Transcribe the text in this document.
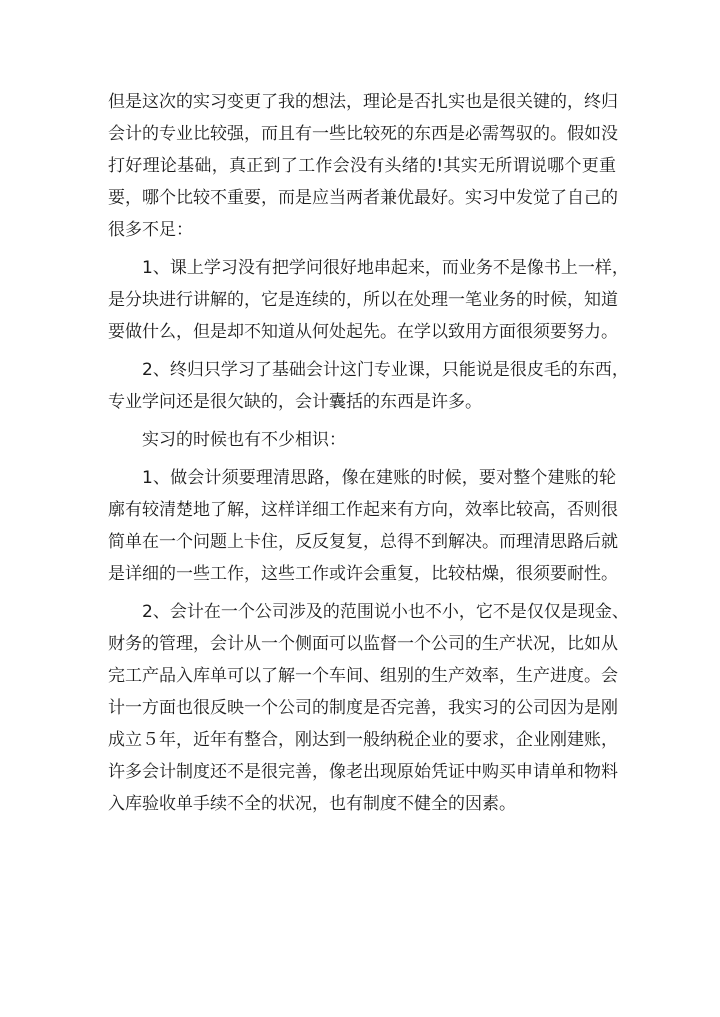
但是这次的实习变更了我的想法，理论是否扎实也是很关键的，终归
会计的专业比较强，而且有一些比较死的东西是必需驾驭的。假如没
打好理论基础，真正到了工作会没有头绪的!其实无所谓说哪个更重
要，哪个比较不重要，而是应当两者兼优最好。实习中发觉了自己的
很多不足：
1、课上学习没有把学问很好地串起来，而业务不是像书上一样，
是分块进行讲解的，它是连续的，所以在处理一笔业务的时候，知道
要做什么，但是却不知道从何处起先。在学以致用方面很须要努力。
2、终归只学习了基础会计这门专业课，只能说是很皮毛的东西，
专业学问还是很欠缺的，会计囊括的东西是许多。
实习的时候也有不少相识：
1、做会计须要理清思路，像在建账的时候，要对整个建账的轮
廓有较清楚地了解，这样详细工作起来有方向，效率比较高，否则很
简单在一个问题上卡住，反反复复，总得不到解决。而理清思路后就
是详细的一些工作，这些工作或许会重复，比较枯燥，很须要耐性。
2、会计在一个公司涉及的范围说小也不小，它不是仅仅是现金、
财务的管理，会计从一个侧面可以监督一个公司的生产状况，比如从
完工产品入库单可以了解一个车间、组别的生产效率，生产进度。会
计一方面也很反映一个公司的制度是否完善，我实习的公司因为是刚
成立５年，近年有整合，刚达到一般纳税企业的要求，企业刚建账，
许多会计制度还不是很完善，像老出现原始凭证中购买申请单和物料
入库验收单手续不全的状况，也有制度不健全的因素。
